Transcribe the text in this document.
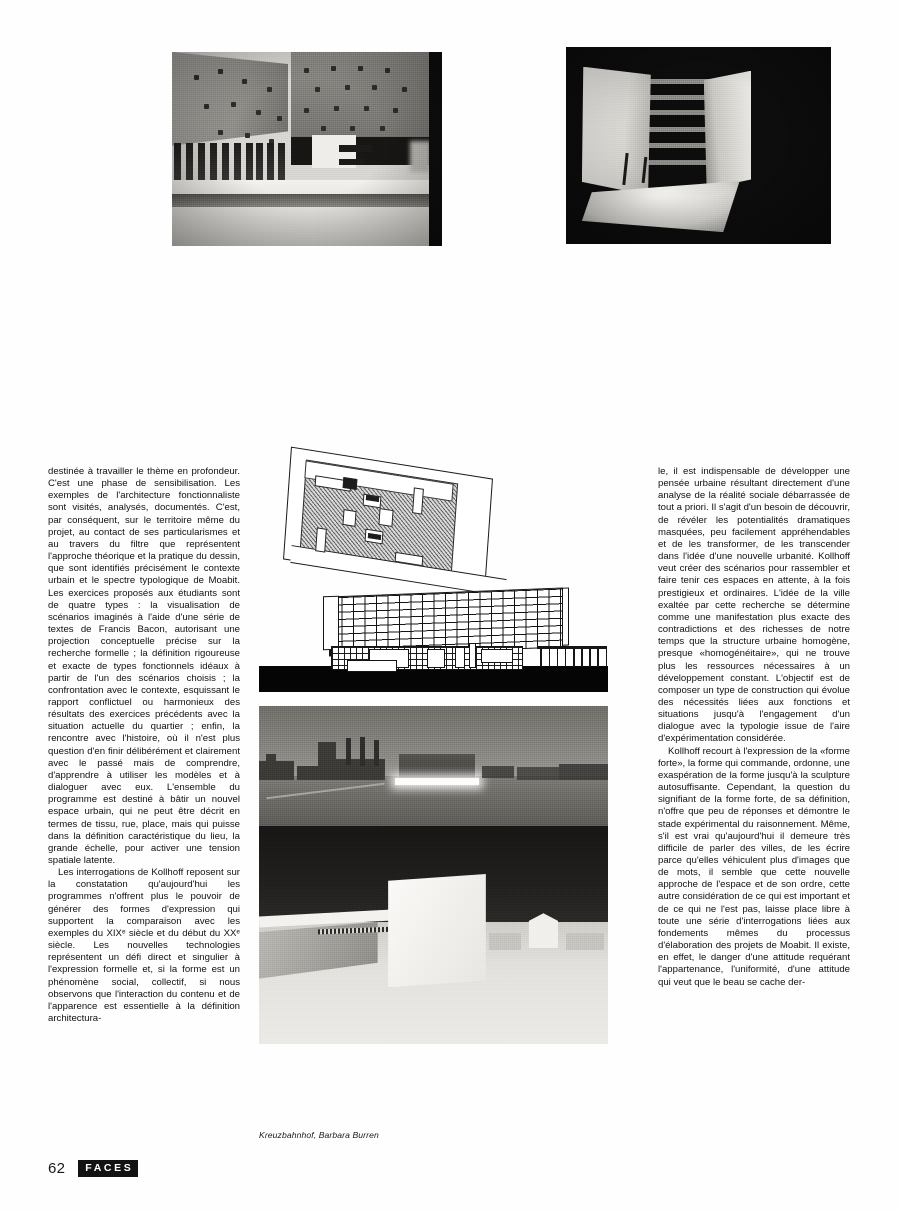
destinée à travailler le thème en profondeur. C'est une phase de sensibilisation. Les exemples de l'architecture fonctionnaliste sont visités, analysés, documentés. C'est, par conséquent, sur le territoire même du projet, au contact de ses particularismes et au travers du filtre que représentent l'approche théorique et la pratique du dessin, que sont identifiés précisément le contexte urbain et le spectre typologique de Moabit. Les exercices proposés aux étudiants sont de quatre types : la visualisation de scénarios imaginés à l'aide d'une série de textes de Francis Bacon, autorisant une projection conceptuelle précise sur la recherche formelle ; la définition rigoureuse et exacte de types fonctionnels idéaux à partir de l'un des scénarios choisis ; la confrontation avec le contexte, esquissant le rapport conflictuel ou harmonieux des résultats des exercices précédents avec la situation actuelle du quartier ; enfin, la rencontre avec l'histoire, où il n'est plus question d'en finir délibérément et clairement avec le passé mais de comprendre, d'apprendre à utiliser les modèles et à dialoguer avec eux. L'ensemble du programme est destiné à bâtir un nouvel espace urbain, qui ne peut être décrit en termes de tissu, rue, place, mais qui puisse dans la définition caractéristique du lieu, la grande échelle, pour activer une tension spatiale latente.

Les interrogations de Kollhoff reposent sur la constatation qu'aujourd'hui les programmes n'offrent plus le pouvoir de générer des formes d'expression qui supportent la comparaison avec les exemples du XIXᵉ siècle et du début du XXᵉ siècle. Les nouvelles technologies représentent un défi direct et singulier à l'expression formelle et, si la forme est un phénomène social, collectif, si nous observons que l'interaction du contenu et de l'apparence est essentielle à la définition architectura-

Kreuzbahnhof, Barbara Burren

le, il est indispensable de développer une pensée urbaine résultant directement d'une analyse de la réalité sociale débarrassée de tout a priori. Il s'agit d'un besoin de découvrir, de révéler les potentialités dramatiques masquées, peu facilement appréhendables et de les transformer, de les transcender dans l'idée d'une nouvelle urbanité. Kollhoff veut créer des scénarios pour rassembler et faire tenir ces espaces en attente, à la fois prestigieux et ordinaires. L'idée de la ville exaltée par cette recherche se détermine comme une manifestation plus exacte des contradictions et des richesses de notre temps que la structure urbaine homogène, presque «homogénéitaire», qui ne trouve plus les ressources nécessaires à un développement constant. L'objectif est de composer un type de construction qui évolue des nécessités liées aux fonctions et situations jusqu'à l'engagement d'un dialogue avec la typologie issue de l'aire d'expérimentation considérée.

Kollhoff recourt à l'expression de la «forme forte», la forme qui commande, ordonne, une exaspération de la forme jusqu'à la sculpture autosuffisante. Cependant, la question du signifiant de la forme forte, de sa définition, n'offre que peu de réponses et démontre le stade expérimental du raisonnement. Même, s'il est vrai qu'aujourd'hui il demeure très difficile de parler des villes, de les écrire parce qu'elles véhiculent plus d'images que de mots, il semble que cette nouvelle approche de l'espace et de son ordre, cette autre considération de ce qui est important et de ce qui ne l'est pas, laisse place libre à toute une série d'interrogations liées aux fondements mêmes du processus d'élaboration des projets de Moabit. Il existe, en effet, le danger d'une attitude requérant l'appartenance, l'uniformité, d'une attitude qui veut que le beau se cache der-

62	FACES
